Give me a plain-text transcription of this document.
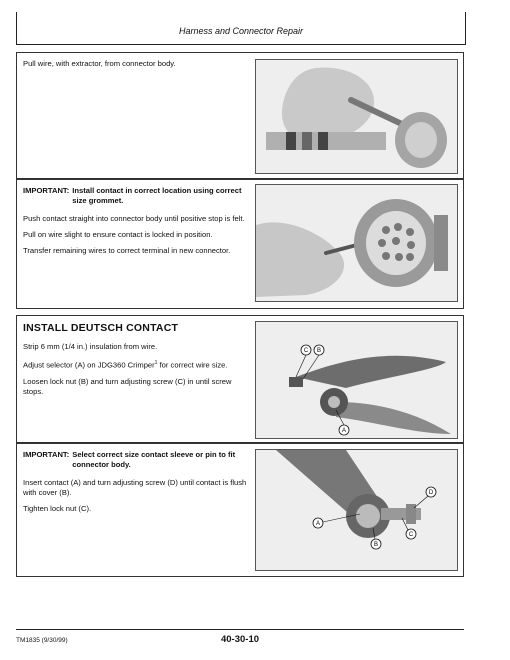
Harness and Connector Repair
Pull wire, with extractor, from connector body.
IMPORTANT: Install contact in correct location using correct size grommet.

Push contact straight into connector body until positive stop is felt.

Pull on wire slight to ensure contact is locked in position.

Transfer remaining wires to correct terminal in new connector.

INSTALL DEUTSCH CONTACT

Strip 6 mm (1/4 in.) insulation from wire.

Adjust selector (A) on JDG360 Crimper$^1$ for correct wire size.

Loosen lock nut (B) and turn adjusting screw (C) in until screw stops.

C B
A
IMPORTANT: Select correct size contact sleeve or pin to fit connector body.

Insert contact (A) and turn adjusting screw (D) until contact is flush with cover (B).

Tighten lock nut (C).

D
A
C
B
TM1835 (9/30/99)	40-30-10
